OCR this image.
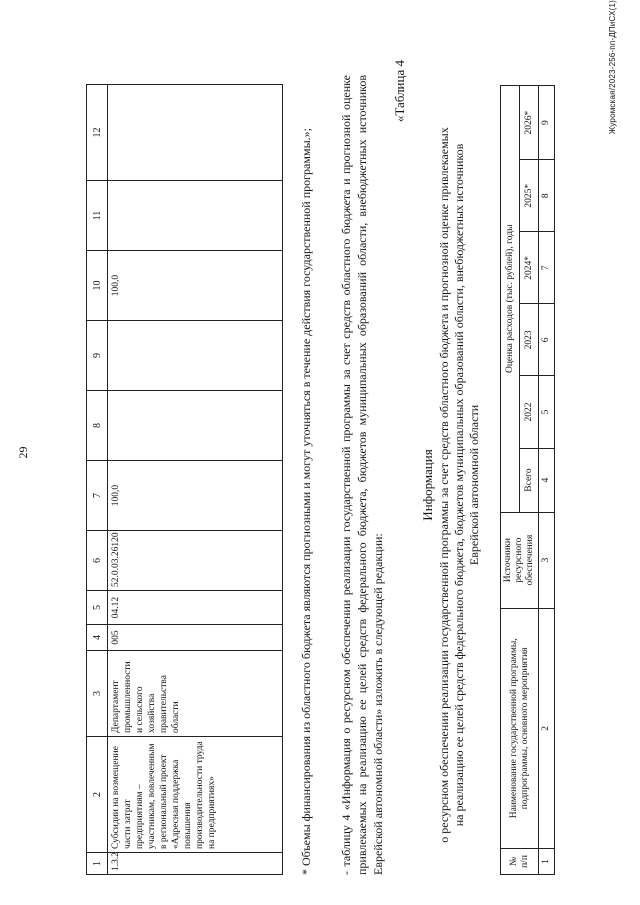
29
1	2	3	4	5	6	7	8	9	10	11	12
1.3.2	Субсидии на возмещение части затрат предприятиям – участникам, вовлеченным в региональный проект «Адресная поддержка повышения производительности труда на предприятиях»	Департамент промышленности и сельского хозяйства правительства области	005	04.12	52.0.03.26120	100,0			100,0			* Объемы финансирования из областного бюджета являются прогнозными и могут уточняться в течение действия государственной программы.»; - таблицу 4 «Информация о ресурсном обеспечении реализации государственной программы за счет средств областного бюджета и прогнозной оценке привлекаемых на реализацию ее целей средств федерального бюджета, бюджетов муниципальных образований области, внебюджетных источников Еврейской автономной области» изложить в следующей редакции:
«Таблица 4
Информация о ресурсном обеспечении реализации государственной программы за счет средств областного бюджета и прогнозной оценке привлекаемых на реализацию ее целей средств федерального бюджета, бюджетов муниципальных образований области, внебюджетных источников Еврейской автономной области
№ п/п	Наименование государственной программы, подпрограммы, основного мероприятия	Источники ресурсного обеспечения	Оценка расходов (тыс. рублей), годы					
			Всего	2022	2023	2024*	2025*	2026*
1	2	3	4	5	6	7	8	9	Журомская/2023-256-пп-ДПиСХ(1)
